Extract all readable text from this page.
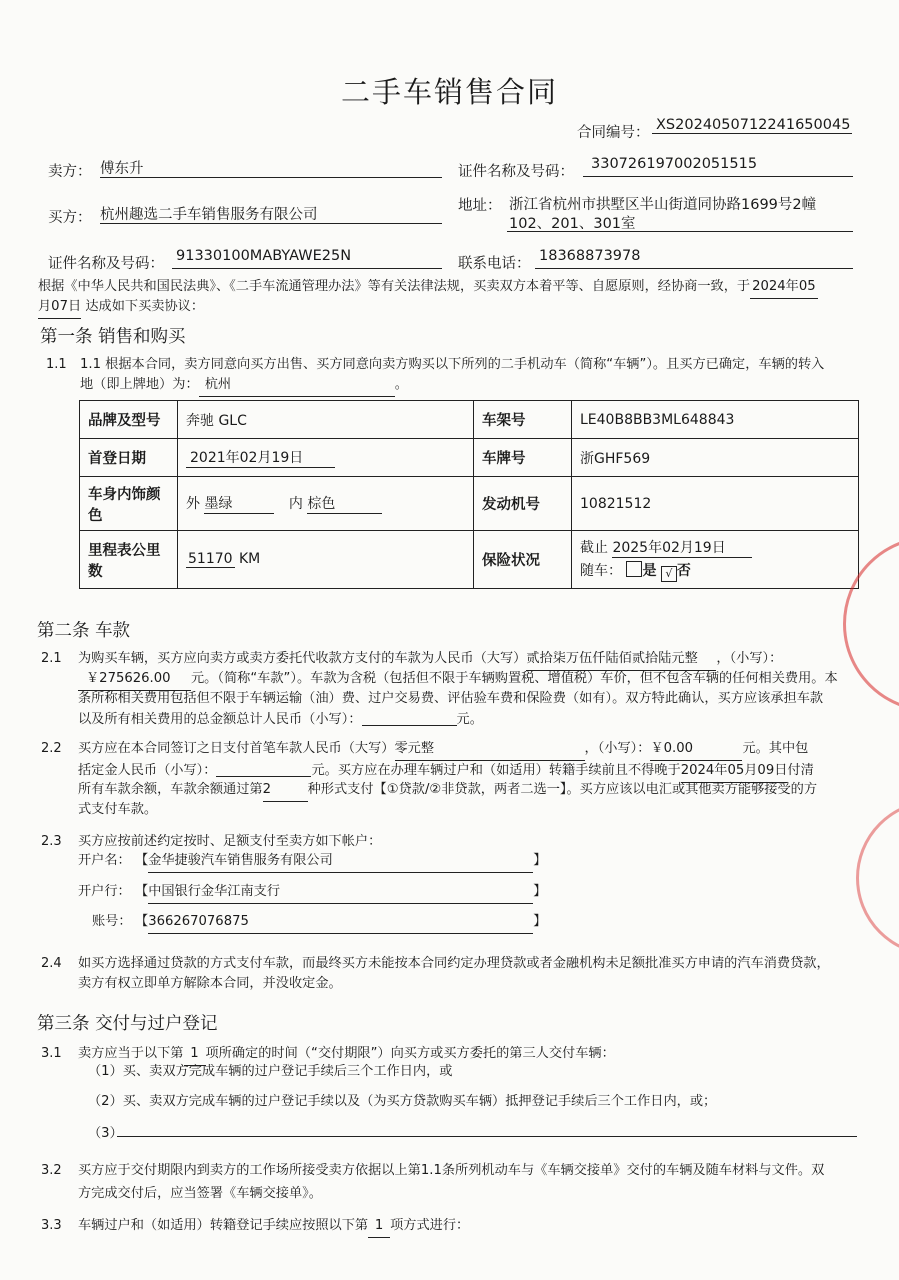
二手车销售合同
合同编号： XS2024050712241650045
卖方： 傅东升	证件名称及号码：	330726197002051515
买方： 杭州趣选二手车销售服务有限公司
地址： 浙江省杭州市拱墅区半山街道同协路1699号2幢
102、201、301室
证件名称及号码： 91330100MABYAWE25N	联系电话： 18368873978
根据《中华人民共和国民法典》、《二手车流通管理办法》等有关法律法规，买卖双方本着平等、自愿原则，经协商一致，于 2024年05
月07日 达成如下买卖协议：
第一条 销售和购买
1.1 1.1 根据本合同，卖方同意向买方出售、买方同意向卖方购买以下所列的二手机动车（简称“车辆”）。且买方已确定，车辆的转入
地（即上牌地）为： 杭州	。
品牌及型号	奔驰 GLC	车架号	LE40B8BB3ML648843
首登日期	2021年02月19日	车牌号	浙GHF569
车身内饰颜色	外 墨绿 内 棕色	发动机号	10821512
里程表公里数	51170 KM	保险状况	截止 2025年02月19日
随车： 是 √ 否
第二条 车款
2.1 为购买车辆，买方应向卖方或卖方委托代收款方支付的车款为人民币（大写）贰拾柒万伍仟陆佰贰拾陆元整 ，（小写）：
￥275626.00 元。（简称“车款”）。车款为含税（包括但不限于车辆购置税、增值税）车价，但不包含车辆的任何相关费用。本
条所称相关费用包括但不限于车辆运输（油）费、过户交易费、评估验车费和保险费（如有）。双方特此确认，买方应该承担车款
以及所有相关费用的总金额总计人民币（小写）：	元。
2.2 买方应在本合同签订之日支付首笔车款人民币（大写）零元整	，（小写）：￥0.00	元。其中包
括定金人民币（小写）：	元。买方应在办理车辆过户和（如适用）转籍手续前且不得晚于2024年05月09日付清
所有车款余额，车款余额通过第2	种形式支付【①贷款/②非贷款，两者二选一】。买方应该以电汇或其他卖方能够接受的方
式支付车款。
2.3 买方应按前述约定按时、足额支付至卖方如下帐户：
开户名： 【金华捷骏汽车销售服务有限公司	】
开户行： 【中国银行金华江南支行	】
账号： 【366267076875	】
2.4 如买方选择通过贷款的方式支付车款，而最终买方未能按本合同约定办理贷款或者金融机构未足额批准买方申请的汽车消费贷款，
卖方有权立即单方解除本合同，并没收定金。
第三条 交付与过户登记
3.1 卖方应当于以下第 1 项所确定的时间（“交付期限”）向买方或买方委托的第三人交付车辆：
（1）买、卖双方完成车辆的过户登记手续后三个工作日内，或
（2）买、卖双方完成车辆的过户登记手续以及（为买方贷款购买车辆）抵押登记手续后三个工作日内，或；
（3）
3.2 买方应于交付期限内到卖方的工作场所接受卖方依据以上第1.1条所列机动车与《车辆交接单》交付的车辆及随车材料与文件。双
方完成交付后，应当签署《车辆交接单》。
3.3 车辆过户和（如适用）转籍登记手续应按照以下第 1 项方式进行：
